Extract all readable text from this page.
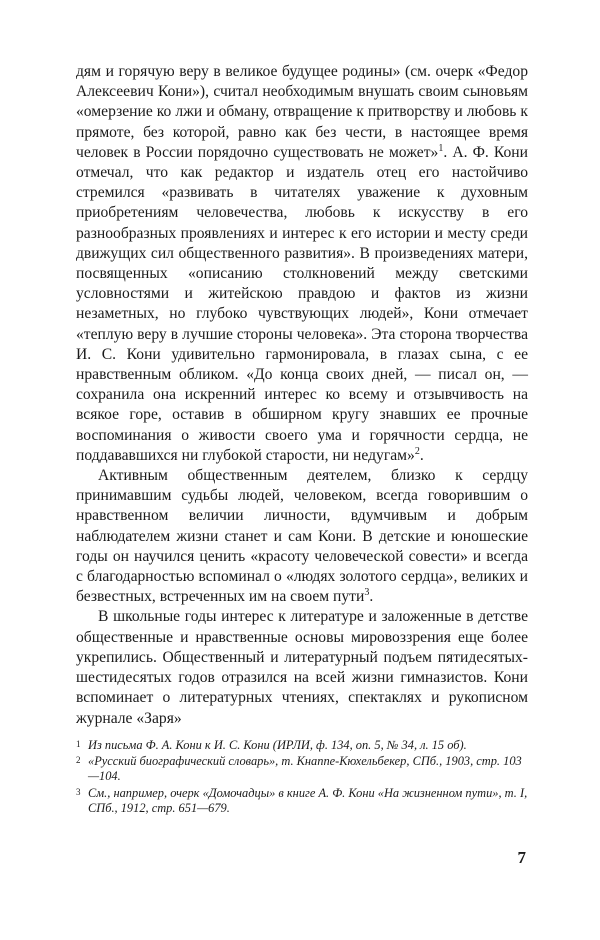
дям и горячую веру в великое будущее родины» (см. очерк «Федор Алексеевич Кони»), считал необходимым внушать своим сыновьям «омерзение ко лжи и обману, отвращение к притворству и любовь к прямоте, без которой, равно как без чести, в настоящее время человек в России порядочно существовать не может»$^1$. А. Ф. Кони отмечал, что как редактор и издатель отец его настойчиво стремился «развивать в читателях уважение к духовным приобретениям человечества, любовь к искусству в его разнообразных проявлениях и интерес к его истории и месту среди движущих сил общественного развития». В произведениях матери, посвященных «описанию столкновений между светскими условностями и житейскою правдою и фактов из жизни незаметных, но глубоко чувствующих людей», Кони отмечает «теплую веру в лучшие стороны человека». Эта сторона творчества И. С. Кони удивительно гармонировала, в глазах сына, с ее нравственным обликом. «До конца своих дней, — писал он, — сохранила она искренний интерес ко всему и отзывчивость на всякое горе, оставив в обширном кругу знавших ее прочные воспоминания о живости своего ума и горячности сердца, не поддававшихся ни глубокой старости, ни недугам»$^2$.

Активным общественным деятелем, близко к сердцу принимавшим судьбы людей, человеком, всегда говорившим о нравственном величии личности, вдумчивым и добрым наблюдателем жизни станет и сам Кони. В детские и юношеские годы он научился ценить «красоту человеческой совести» и всегда с благодарностью вспоминал о «людях золотого сердца», великих и безвестных, встреченных им на своем пути$^3$.

В школьные годы интерес к литературе и заложенные в детстве общественные и нравственные основы мировоззрения еще более укрепились. Общественный и литературный подъем пятидесятых-шестидесятых годов отразился на всей жизни гимназистов. Кони вспоминает о литературных чтениях, спектаклях и рукописном журнале «Заря»

1 Из письма Ф. А. Кони к И. С. Кони (ИРЛИ, ф. 134, оп. 5, № 34, л. 15 об).
2 «Русский биографический словарь», т. Кнаппе-Кюхельбекер, СПб., 1903, стр. 103—104.
3 См., например, очерк «Домочадцы» в книге А. Ф. Кони «На жизненном пути», т. I, СПб., 1912, стр. 651—679.
7
